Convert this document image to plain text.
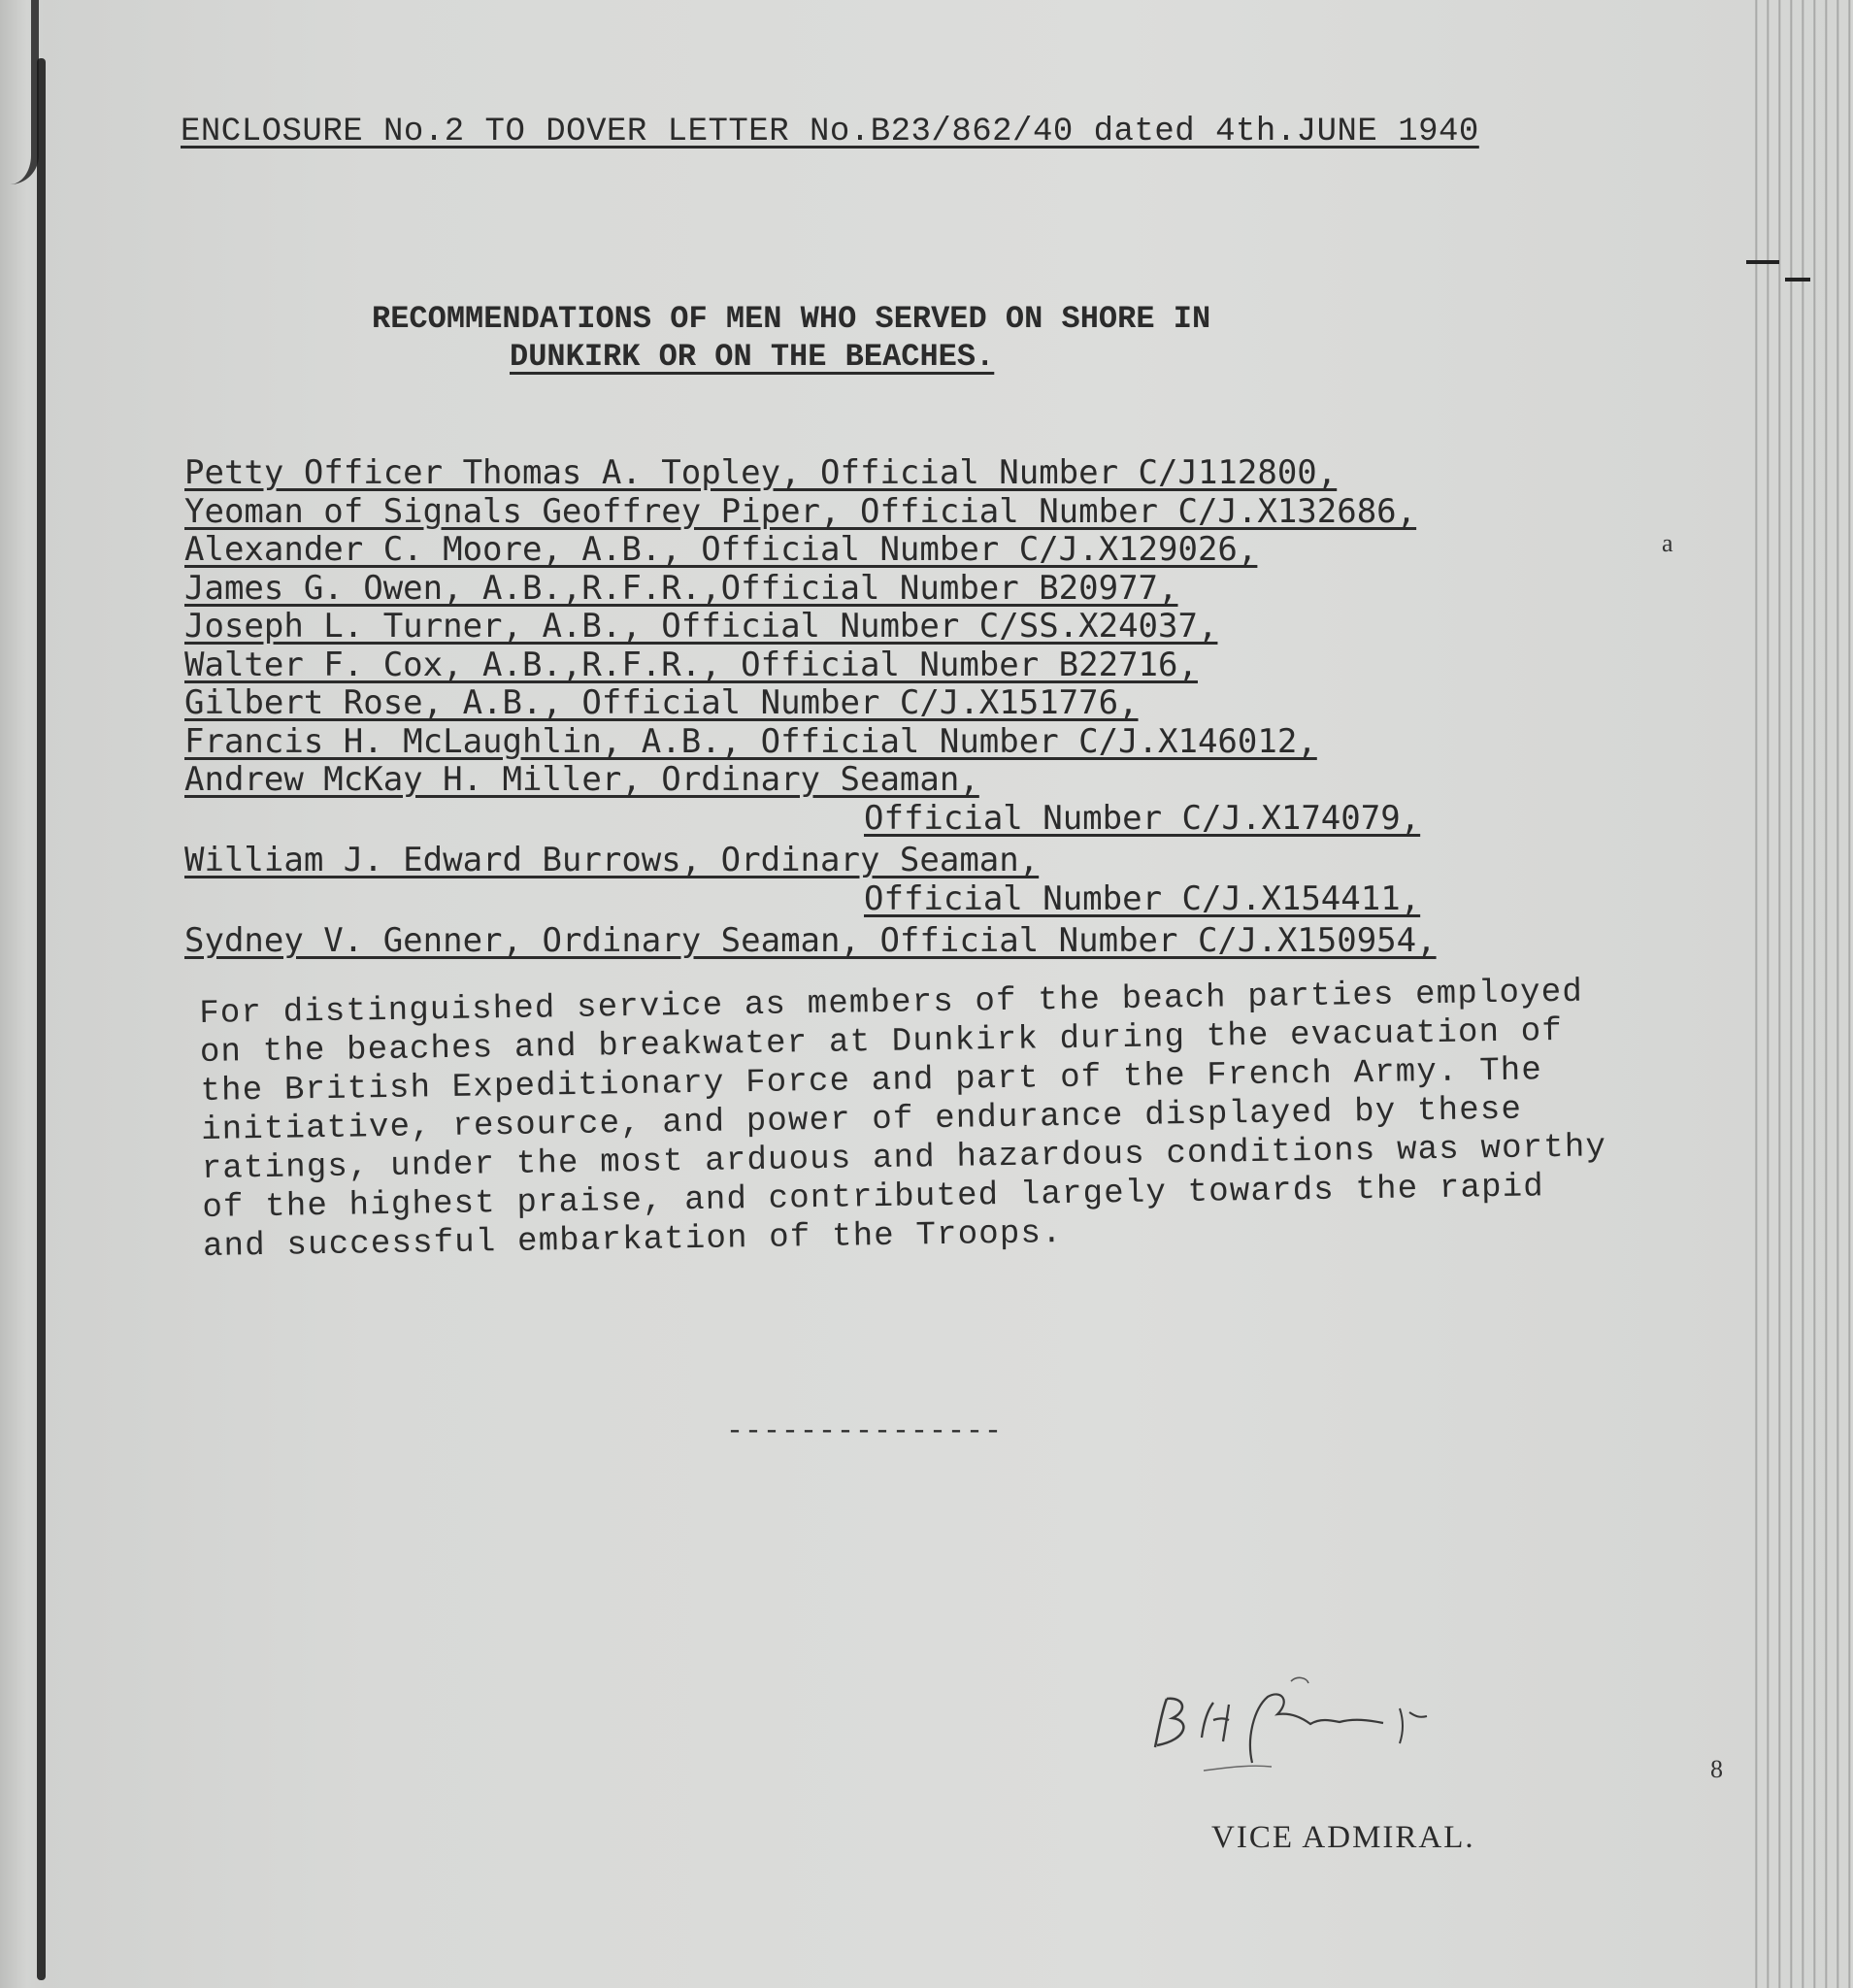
ENCLOSURE No.2 TO DOVER LETTER No.B23/862/40 dated 4th.JUNE 1940
RECOMMENDATIONS OF MEN WHO SERVED ON SHORE IN
DUNKIRK OR ON THE BEACHES.
Petty Officer Thomas A. Topley, Official Number C/J112800,
Yeoman of Signals Geoffrey Piper, Official Number C/J.X132686,
Alexander C. Moore, A.B., Official Number C/J.X129026,
James G. Owen, A.B.,R.F.R.,Official Number B20977,
Joseph L. Turner, A.B., Official Number C/SS.X24037,
Walter F. Cox, A.B.,R.F.R., Official Number B22716,
Gilbert Rose, A.B., Official Number C/J.X151776,
Francis H. McLaughlin, A.B., Official Number C/J.X146012,
Andrew McKay H. Miller, Ordinary Seaman,
Official Number C/J.X174079,
William J. Edward Burrows, Ordinary Seaman,
Official Number C/J.X154411,
Sydney V. Genner, Ordinary Seaman, Official Number C/J.X150954,

For distinguished service as members of the beach parties employed on the beaches and breakwater at Dunkirk during the evacuation of the British Expeditionary Force and part of the French Army. The initiative, resource, and power of endurance displayed by these ratings, under the most arduous and hazardous conditions was worthy of the highest praise, and contributed largely towards the rapid and successful embarkation of the Troops.

---------------
VICE ADMIRAL.
a
8
